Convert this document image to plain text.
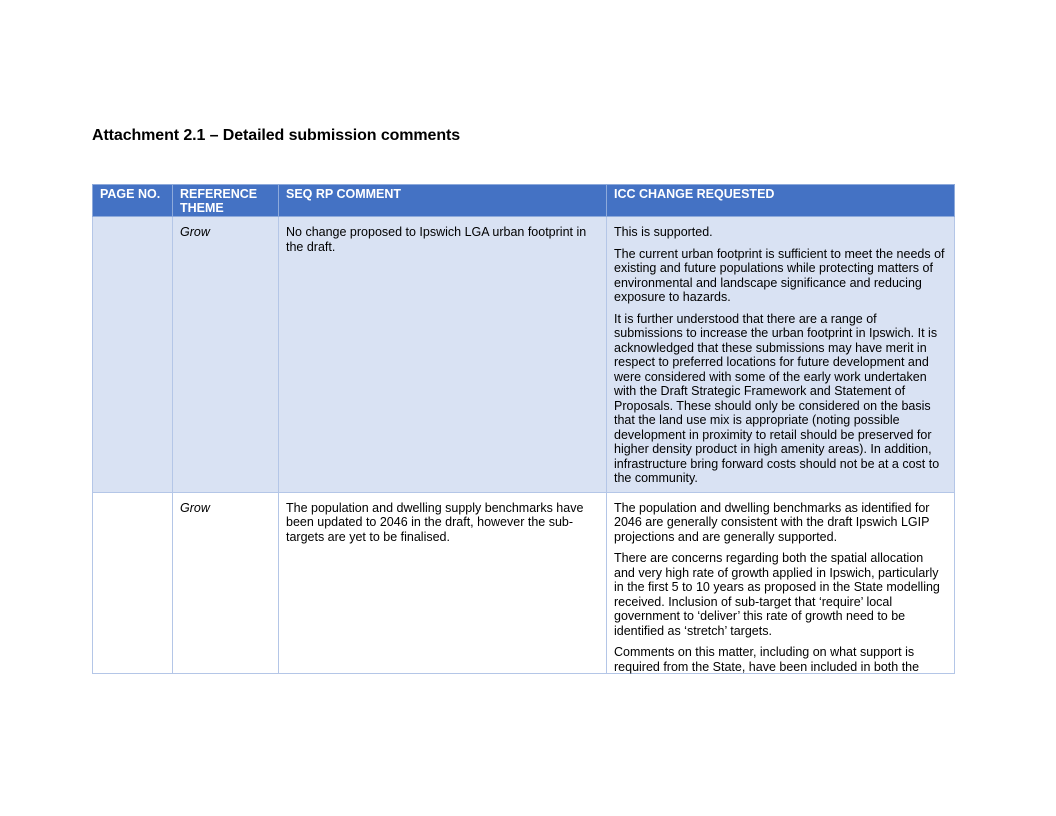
Attachment 2.1 – Detailed submission comments
PAGE NO.	REFERENCE THEME	SEQ RP COMMENT	ICC CHANGE REQUESTED
	Grow	No change proposed to Ipswich LGA urban footprint in the draft.	This is supported.

The current urban footprint is sufficient to meet the needs of existing and future populations while protecting matters of environmental and landscape significance and reducing exposure to hazards.

It is further understood that there are a range of submissions to increase the urban footprint in Ipswich. It is acknowledged that these submissions may have merit in respect to preferred locations for future development and were considered with some of the early work undertaken with the Draft Strategic Framework and Statement of Proposals. These should only be considered on the basis that the land use mix is appropriate (noting possible development in proximity to retail should be preserved for higher density product in high amenity areas). In addition, infrastructure bring forward costs should not be at a cost to the community.

	Grow	The population and dwelling supply benchmarks have been updated to 2046 in the draft, however the sub-targets are yet to be finalised.	The population and dwelling benchmarks as identified for 2046 are generally consistent with the draft Ipswich LGIP projections and are generally supported.

There are concerns regarding both the spatial allocation and very high rate of growth applied in Ipswich, particularly in the first 5 to 10 years as proposed in the State modelling received. Inclusion of sub-target that ‘require’ local government to ‘deliver’ this rate of growth need to be identified as ‘stretch’ targets.

Comments on this matter, including on what support is required from the State, have been included in both the
